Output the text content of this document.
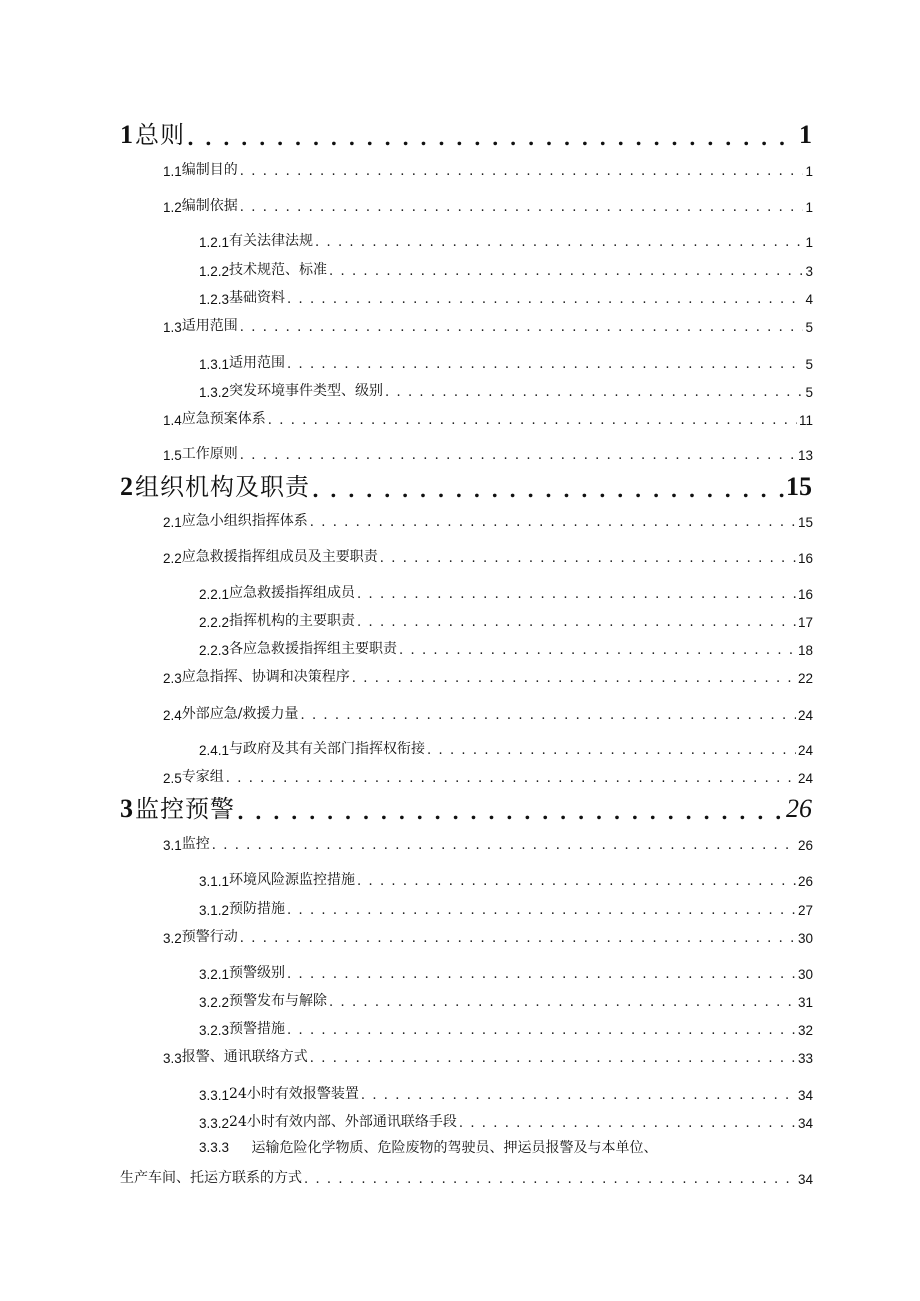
1 总则 . . .	1
1.1 编制目的 . . .	1
1.2 编制依据 . . .	1
1.2.1 有关法律法规 . . .	1
1.2.2 技术规范、标准 . . .	3
1.2.3 基础资料 . . .	4
1.3 适用范围 . . .	5
1.3.1 适用范围 . . .	5
1.3.2 突发环境事件类型、级别 . . .	5
1.4 应急预案体系 . . .	11
1.5 工作原则 . . .	13
2 组织机构及职责 . . .	15
2.1 应急小组织指挥体系 . . .	15
2.2 应急救援指挥组成员及主要职责 . . .	16
2.2.1 应急救援指挥组成员 . . .	16
2.2.2 指挥机构的主要职责 . . .	17
2.2.3 各应急救援指挥组主要职责 . . .	18
2.3 应急指挥、协调和决策程序 . . .	22
2.4 外部应急/救援力量 . . .	24
2.4.1 与政府及其有关部门指挥权衔接 . . .	24
2.5 专家组 . . .	24
3 监控预警 . . .	26
3.1 监控 . . .	26
3.1.1 环境风险源监控措施 . . .	26
3.1.2 预防措施 . . .	27
3.2 预警行动 . . .	30
3.2.1 预警级别 . . .	30
3.2.2 预警发布与解除 . . .	31
3.2.3 预警措施 . . .	32
3.3 报警、通讯联络方式 . . .	33
3.3.1 24小时有效报警装置 . . .	34
3.3.2 24小时有效内部、外部通讯联络手段 . . .	34
3.3.3 运输危险化学物质、危险废物的驾驶员、押运员报警及与本单位、
生产车间、托运方联系的方式 . . .	34
